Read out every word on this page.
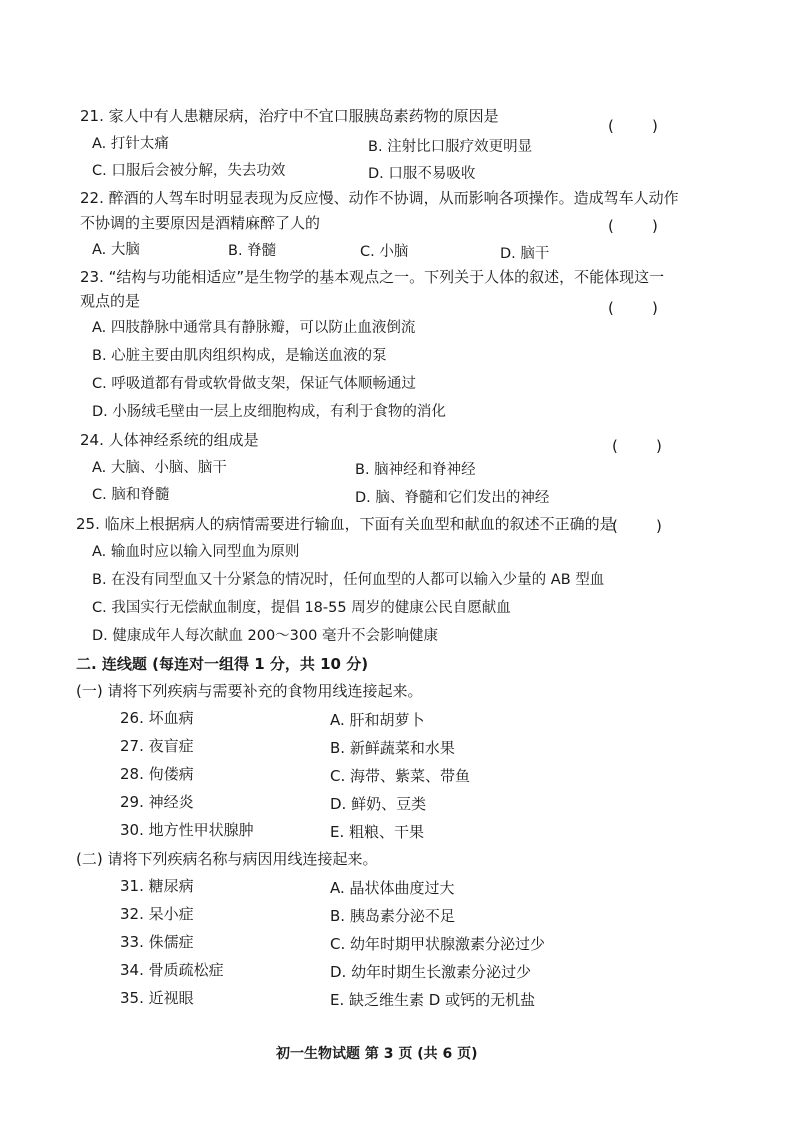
21. 家人中有人患糖尿病，治疗中不宜口服胰岛素药物的原因是
(        )
A. 打针太痛	B. 注射比口服疗效更明显
C. 口服后会被分解，失去功效	D. 口服不易吸收
22. 醉酒的人驾车时明显表现为反应慢、动作不协调，从而影响各项操作。造成驾车人动作
不协调的主要原因是酒精麻醉了人的	(        )
A. 大脑	B. 脊髓	C. 小脑	D. 脑干
23. “结构与功能相适应”是生物学的基本观点之一。下列关于人体的叙述，不能体现这一
观点的是	(        )
A. 四肢静脉中通常具有静脉瓣，可以防止血液倒流
B. 心脏主要由肌肉组织构成，是输送血液的泵
C. 呼吸道都有骨或软骨做支架，保证气体顺畅通过
D. 小肠绒毛壁由一层上皮细胞构成，有利于食物的消化
24. 人体神经系统的组成是	(        )
A. 大脑、小脑、脑干	B. 脑神经和脊神经
C. 脑和脊髓	D. 脑、脊髓和它们发出的神经
25. 临床上根据病人的病情需要进行输血，下面有关血型和献血的叙述不正确的是
(        )
A. 输血时应以输入同型血为原则
B. 在没有同型血又十分紧急的情况时，任何血型的人都可以输入少量的 AB 型血
C. 我国实行无偿献血制度，提倡 18-55 周岁的健康公民自愿献血
D. 健康成年人每次献血 200～300 毫升不会影响健康
二. 连线题 (每连对一组得 1 分，共 10 分)
(一) 请将下列疾病与需要补充的食物用线连接起来。
26. 坏血病	A. 肝和胡萝卜
27. 夜盲症	B. 新鲜蔬菜和水果
28. 佝偻病	C. 海带、紫菜、带鱼
29. 神经炎	D. 鲜奶、豆类
30. 地方性甲状腺肿	E. 粗粮、干果
(二) 请将下列疾病名称与病因用线连接起来。
31. 糖尿病	A. 晶状体曲度过大
32. 呆小症	B. 胰岛素分泌不足
33. 侏儒症	C. 幼年时期甲状腺激素分泌过少
34. 骨质疏松症	D. 幼年时期生长激素分泌过少
35. 近视眼	E. 缺乏维生素 D 或钙的无机盐
初一生物试题 第 3 页 (共 6 页)
